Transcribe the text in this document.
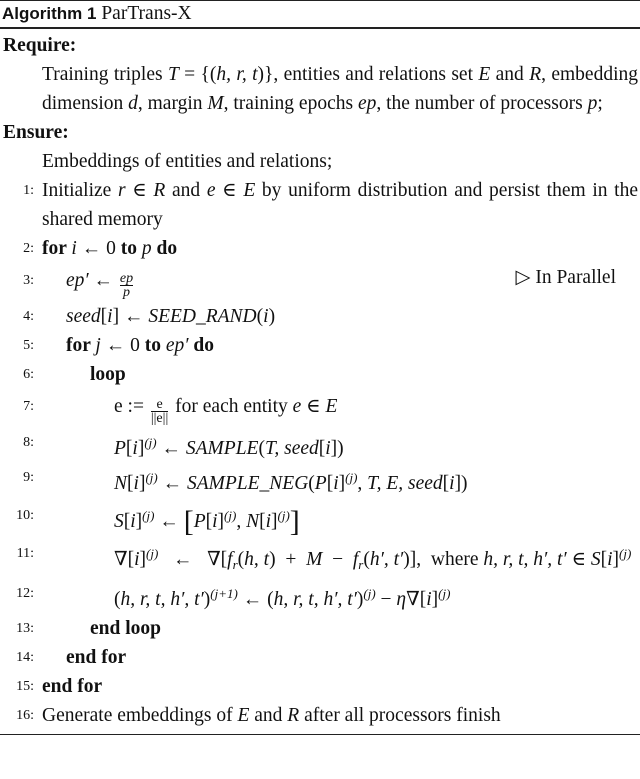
Algorithm 1 ParTrans-X
Require:
Training triples T = {(h, r, t)}, entities and relations set E and R, embedding dimension d, margin M, training epochs ep, the number of processors p;
Ensure:
Embeddings of entities and relations;
1: Initialize r ∈ R and e ∈ E by uniform distribution and persist them in the shared memory
2: for i ← 0 to p do
3: ep′ ← $\frac{ep}{p}$	▷ In Parallel
4: seed[i] ← SEED_RAND(i)
5: for j ← 0 to ep′ do
6:	loop
7:	e := $\frac{e}{||e||}$ for each entity e ∈ E
8:	$P[i]^{(j)}$ ← SAMPLE(T, seed[i])
9:	$N[i]^{(j)}$ ← $SAMPLE\_NEG(P[i]^{(j)}$, T, E, seed[i])
10:	$S[i]^{(j)}$ ← [$P[i]^{(j)}$, $N[i]^{(j)}$]
11:	$\nabla[i]^{(j)}$   ←   $\nabla[f_r(h$, $t) + M - f_r(h'$, t′)],  where h, r, t, h′, t′ ∈ $S[i]^{(j)}$
12:	(h, r, t, h′, t′)$^{(j+1)}$ ← (h, r, t, h′, $t')^{(j)} - \eta\nabla[i]^{(j)}$
13:	end loop
14: end for
15: end for
16: Generate embeddings of E and R after all processors finish
